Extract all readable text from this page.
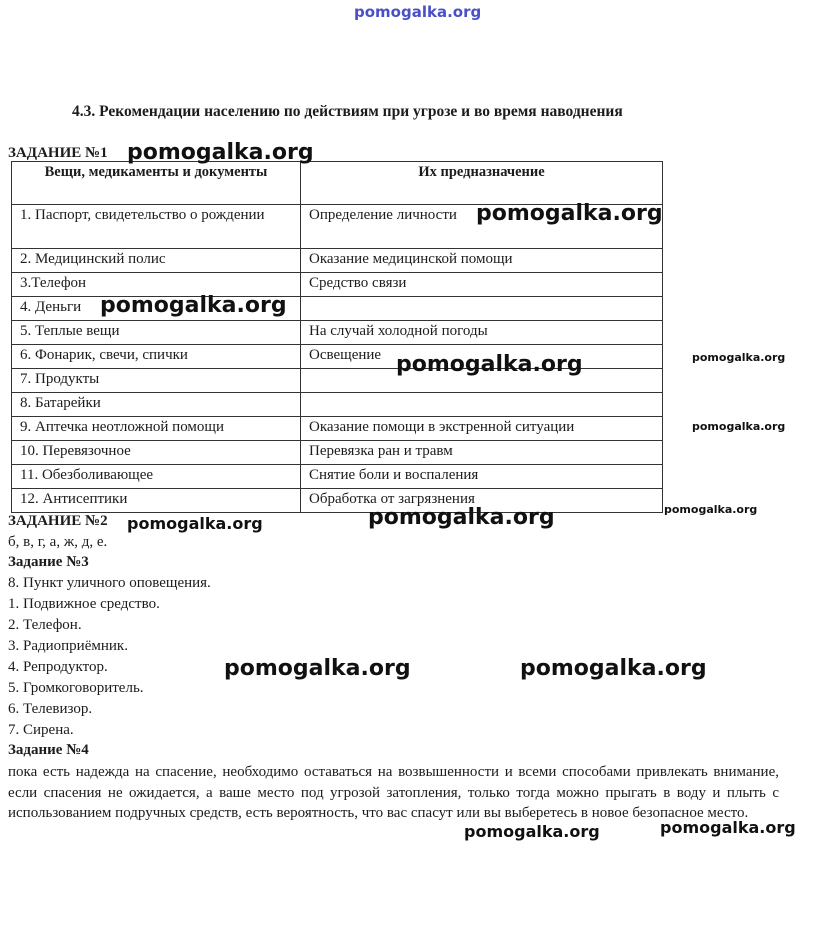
pomogalka.org
4.3. Рекомендации населению по действиям при угрозе и во время наводнения
ЗАДАНИЕ №1
Вещи, медикаменты и документы	Их предназначение
1. Паспорт, свидетельство о рождении	Определение личности
2. Медицинский полис	Оказание медицинской помощи
3.Телефон	Средство связи
4. Деньги	
5. Теплые вещи	На случай холодной погоды
6. Фонарик, свечи, спички	Освещение
7. Продукты	
8. Батарейки	
9. Аптечка неотложной помощи	Оказание помощи в экстренной ситуации
10. Перевязочное	Перевязка ран и травм
11. Обезболивающее	Снятие боли и воспаления
12. Антисептики	Обработка от загрязнения
ЗАДАНИЕ №2
б, в, г, а, ж, д, е.
Задание №3
8. Пункт уличного оповещения.
1. Подвижное средство.
2. Телефон.
3. Радиоприёмник.
4. Репродуктор.
5. Громкоговоритель.
6. Телевизор.
7. Сирена.
Задание №4
пока есть надежда на спасение, необходимо оставаться на возвышенности и всеми способами привлекать внимание, если спасения не ожидается, а ваше место под угрозой затопления, только тогда можно прыгать в воду и плыть с использованием подручных средств, есть вероятность, что вас спасут или вы выберетесь в новое безопасное место.
pomogalka.org
pomogalka.org
pomogalka.org
pomogalka.org	pomogalka.org
pomogalka.org
pomogalka.org
pomogalka.org
pomogalka.org
pomogalka.org	pomogalka.org
pomogalka.org	pomogalka.org
